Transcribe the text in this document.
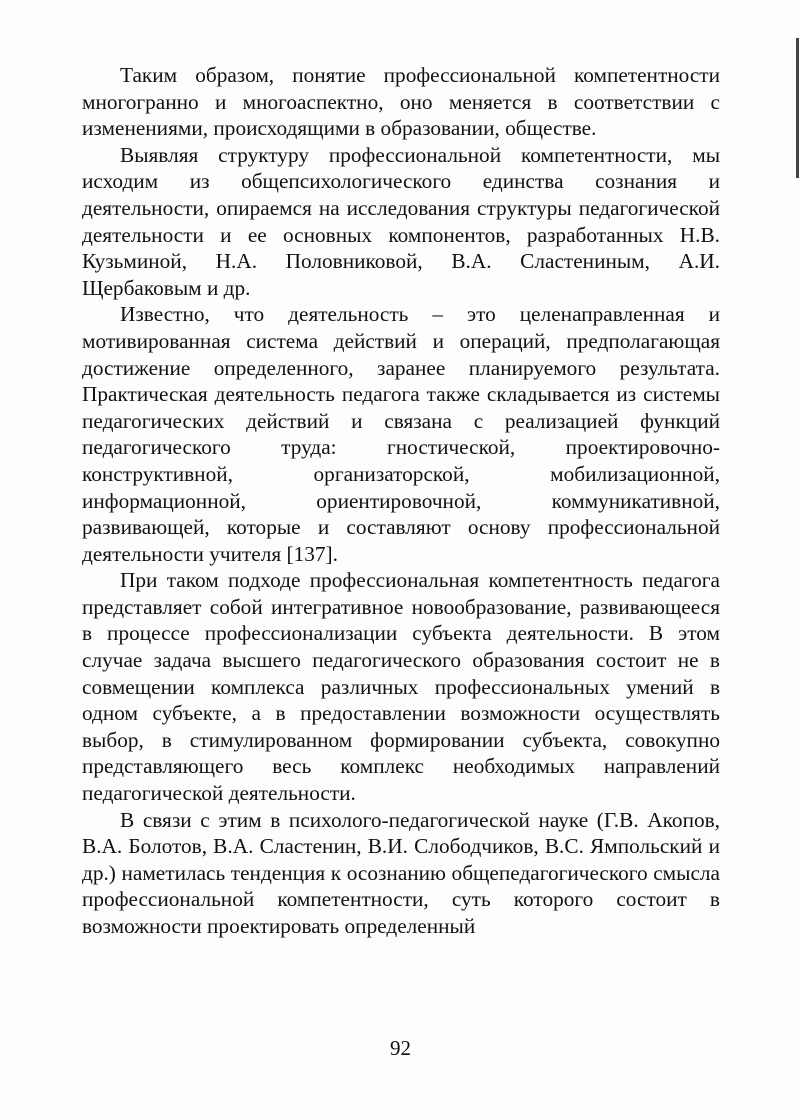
Таким образом, понятие профессиональной компетентности многогранно и многоаспектно, оно меняется в соответствии с изменениями, происходящими в образовании, обществе.

Выявляя структуру профессиональной компетентности, мы исходим из общепсихологического единства сознания и деятельности, опираемся на исследования структуры педагогической деятельности и ее основных компонентов, разработанных Н.В. Кузьминой, Н.А. Половниковой, В.А. Сластениным, А.И. Щербаковым и др.

Известно, что деятельность – это целенаправленная и мотивированная система действий и операций, предполагающая достижение определенного, заранее планируемого результата. Практическая деятельность педагога также складывается из системы педагогических действий и связана с реализацией функций педагогического труда: гностической, проектировочно-конструктивной, организаторской, мобилизационной, информационной, ориентировочной, коммуникативной, развивающей, которые и составляют основу профессиональной деятельности учителя [137].

При таком подходе профессиональная компетентность педагога представляет собой интегративное новообразование, развивающееся в процессе профессионализации субъекта деятельности. В этом случае задача высшего педагогического образования состоит не в совмещении комплекса различных профессиональных умений в одном субъекте, а в предоставлении возможности осуществлять выбор, в стимулированном формировании субъекта, совокупно представляющего весь комплекс необходимых направлений педагогической деятельности.

В связи с этим в психолого-педагогической науке (Г.В. Акопов, В.А. Болотов, В.А. Сластенин, В.И. Слободчиков, В.С. Ямпольский и др.) наметилась тенденция к осознанию общепедагогического смысла профессиональной компетентности, суть которого состоит в возможности проектировать определенный

92
